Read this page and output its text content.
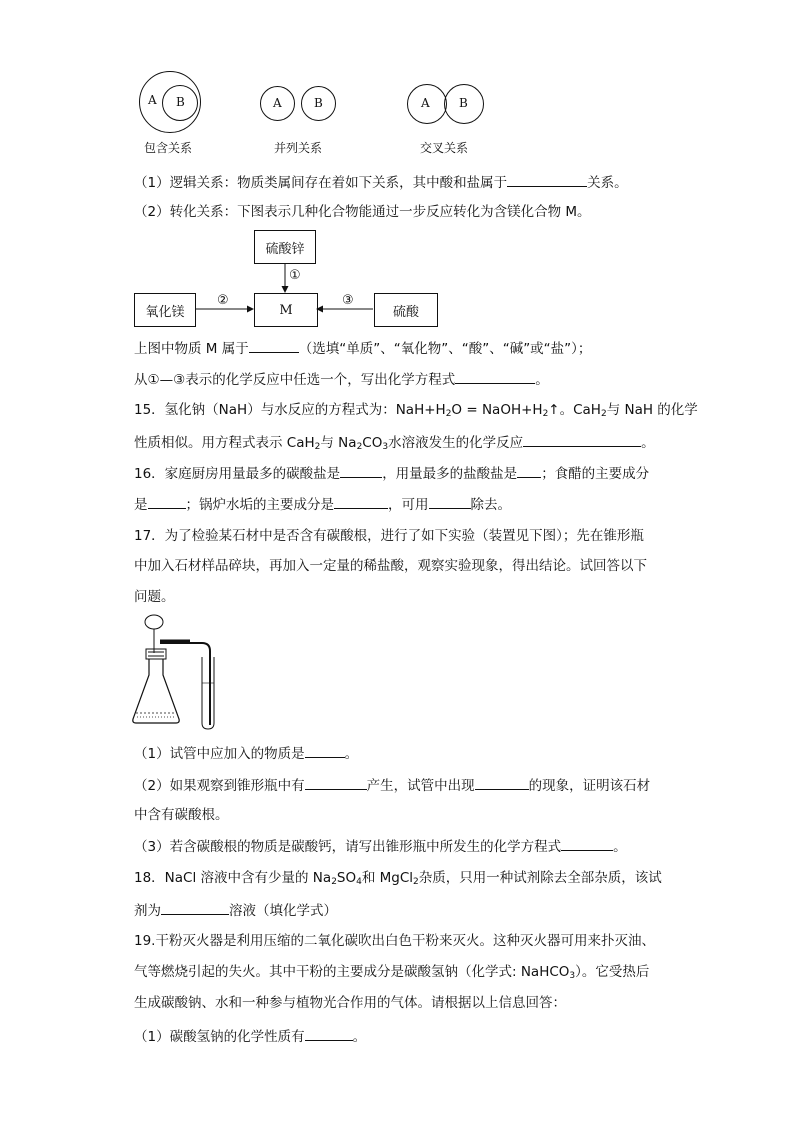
A B
包含关系
A	B
并列关系
A B
交叉关系
（1）逻辑关系：物质类属间存在着如下关系，其中酸和盐属于	关系。
（2）转化关系：下图表示几种化合物能通过一步反应转化为含镁化合物 M。
硫酸锌
氧化镁	M	硫酸
①
②	③
上图中物质 M 属于	（选填“单质”、“氧化物”、“酸”、“碱”或“盐”）；
从①—③表示的化学反应中任选一个，写出化学方程式	。
15．氢化钠（NaH）与水反应的方程式为：$NaH+H_2O$ = $NaOH+H_2↑$。CaH$_2$与 NaH 的化学
性质相似。用方程式表示 CaH$_2$与 $Na_2CO_3$水溶液发生的化学反应	。
16．家庭厨房用量最多的碳酸盐是	，用量最多的盐酸盐是 ；食醋的主要成分
是	；锅炉水垢的主要成分是	，可用	除去。
17．为了检验某石材中是否含有碳酸根，进行了如下实验（装置见下图）；先在锥形瓶
中加入石材样品碎块，再加入一定量的稀盐酸，观察实验现象，得出结论。试回答以下
问题。
（1）试管中应加入的物质是	。
（2）如果观察到锥形瓶中有	产生，试管中出现	的现象，证明该石材
中含有碳酸根。
（3）若含碳酸根的物质是碳酸钙，请写出锥形瓶中所发生的化学方程式	。
18．NaCl 溶液中含有少量的 $Na_2SO_4$和 MgCl$_2$杂质，只用一种试剂除去全部杂质，该试
剂为	溶液（填化学式）
19.干粉灭火器是利用压缩的二氧化碳吹出白色干粉来灭火。这种灭火器可用来扑灭油、
气等燃烧引起的失火。其中干粉的主要成分是碳酸氢钠（化学式: NaHCO$_3$）。它受热后
生成碳酸钠、水和一种参与植物光合作用的气体。请根据以上信息回答：
（1）碳酸氢钠的化学性质有	。
